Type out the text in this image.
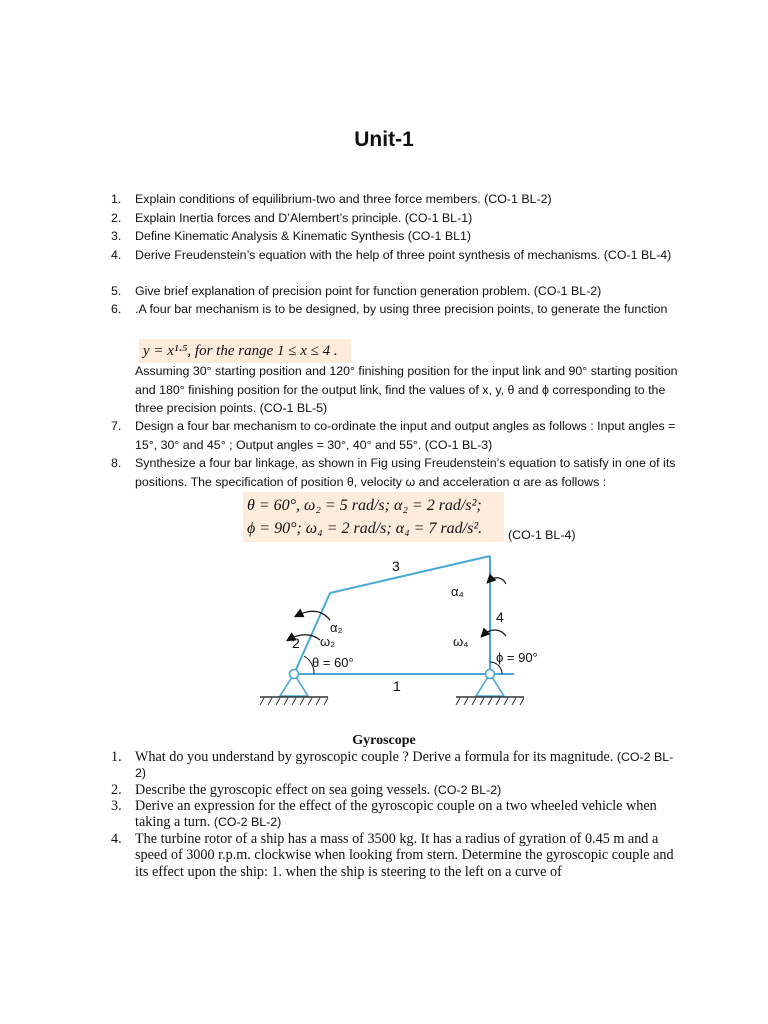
Unit-1
1. Explain conditions of equilibrium-two and three force members. (CO-1 BL-2)
2. Explain Inertia forces and D’Alembert’s principle. (CO-1 BL-1)
3. Define Kinematic Analysis & Kinematic Synthesis (CO-1 BL1)
4. Derive Freudenstein’s equation with the help of three point synthesis of mechanisms. (CO-1 BL-4)
5. Give brief explanation of precision point for function generation problem. (CO-1 BL-2)
6. .A four bar mechanism is to be designed, by using three precision points, to generate the function
y = x¹·⁵, for the range 1 ≤ x ≤ 4 .
Assuming 30° starting position and 120° finishing position for the input link and 90° starting position and 180° finishing position for the output link, find the values of x, y, θ and ϕ corresponding to the three precision points. (CO-1 BL-5)
7. Design a four bar mechanism to co-ordinate the input and output angles as follows : Input angles = 15°, 30° and 45° ; Output angles = 30°, 40° and 55°. (CO-1 BL-3)
8. Synthesize a four bar linkage, as shown in Fig using Freudenstein’s equation to satisfy in one of its positions. The specification of position θ, velocity ω and acceleration α are as follows :
θ = 60°, ω₂ = 5 rad/s; α₂ = 2 rad/s²;
ϕ = 90°; ω₄ = 2 rad/s; α₄ = 7 rad/s².	(CO-1 BL-4)
3
4
2
1
θ = 60°	ϕ = 90°
α₂
ω₂
α₄
ω₄
Gyroscope
1. What do you understand by gyroscopic couple ? Derive a formula for its magnitude. (CO-2 BL-2)
2. Describe the gyroscopic effect on sea going vessels. (CO-2 BL-2)
3. Derive an expression for the effect of the gyroscopic couple on a two wheeled vehicle when taking a turn. (CO-2 BL-2)
4. The turbine rotor of a ship has a mass of 3500 kg. It has a radius of gyration of 0.45 m and a speed of 3000 r.p.m. clockwise when looking from stern. Determine the gyroscopic couple and its effect upon the ship: 1. when the ship is steering to the left on a curve of
